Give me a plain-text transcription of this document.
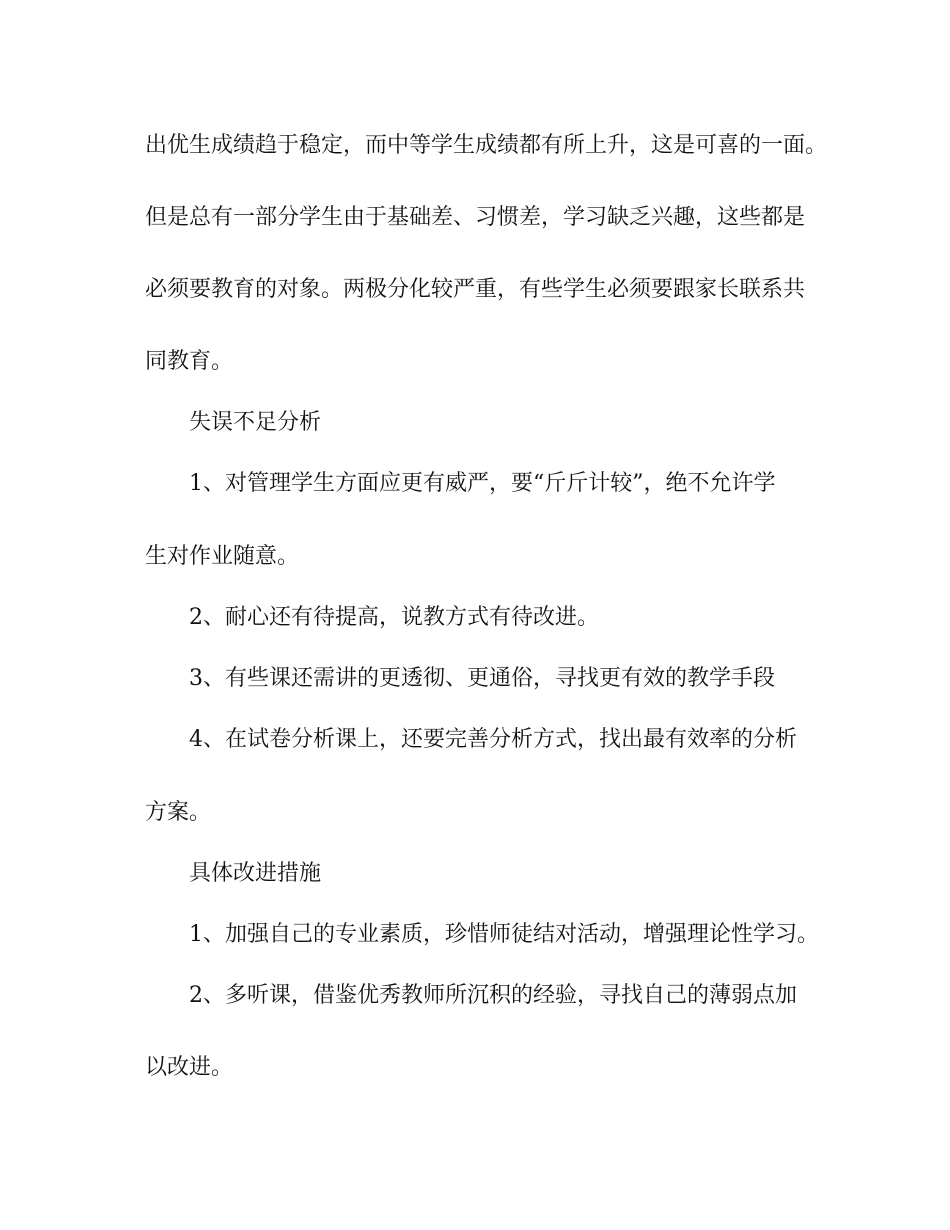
出优生成绩趋于稳定，而中等学生成绩都有所上升，这是可喜的一面。

但是总有一部分学生由于基础差、习惯差，学习缺乏兴趣，这些都是

必须要教育的对象。两极分化较严重，有些学生必须要跟家长联系共

同教育。

失误不足分析

1、对管理学生方面应更有威严，要“斤斤计较”，绝不允许学

生对作业随意。

2、耐心还有待提高，说教方式有待改进。

3、有些课还需讲的更透彻、更通俗，寻找更有效的教学手段

4、在试卷分析课上，还要完善分析方式，找出最有效率的分析

方案。

具体改进措施

1、加强自己的专业素质，珍惜师徒结对活动，增强理论性学习。

2、多听课，借鉴优秀教师所沉积的经验，寻找自己的薄弱点加

以改进。
